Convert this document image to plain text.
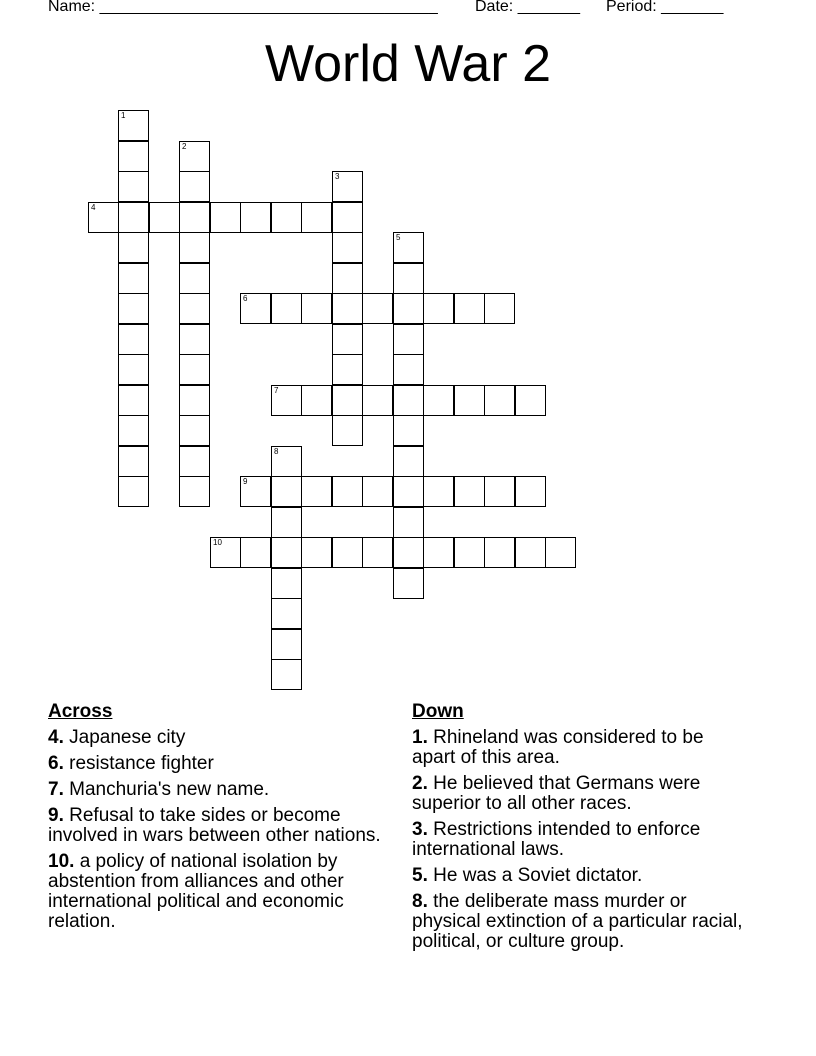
Name: ______________________________________ Date: _______ Period: _______
World War 2
1
2
3
4
5
6
7
8
9
10
Across
4. Japanese city
6. resistance fighter
7. Manchuria's new name.
9. Refusal to take sides or become involved in wars between other nations.
10. a policy of national isolation by abstention from alliances and other international political and economic relation.
Down
1. Rhineland was considered to be apart of this area.
2. He believed that Germans were superior to all other races.
3. Restrictions intended to enforce international laws.
5. He was a Soviet dictator.
8. the deliberate mass murder or physical extinction of a particular racial, political, or culture group.
